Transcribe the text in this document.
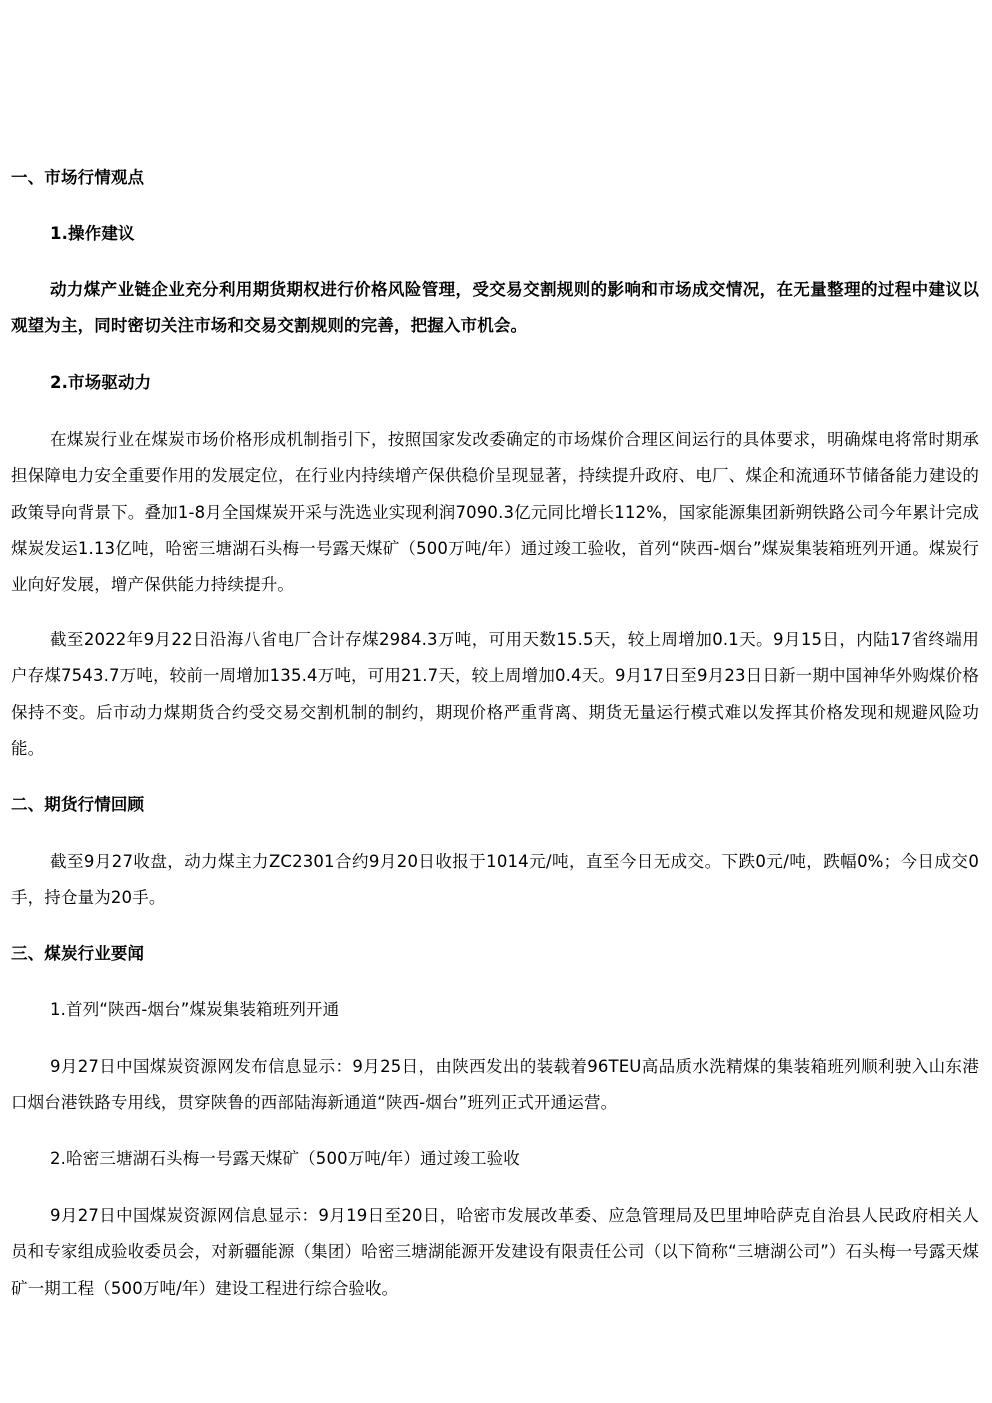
一、市场行情观点

1.操作建议

动力煤产业链企业充分利用期货期权进行价格风险管理，受交易交割规则的影响和市场成交情况，在无量整理的过程中建议以观望为主，同时密切关注市场和交易交割规则的完善，把握入市机会。

2.市场驱动力

在煤炭行业在煤炭市场价格形成机制指引下，按照国家发改委确定的市场煤价合理区间运行的具体要求，明确煤电将常时期承担保障电力安全重要作用的发展定位，在行业内持续增产保供稳价呈现显著，持续提升政府、电厂、煤企和流通环节储备能力建设的政策导向背景下。叠加1-8月全国煤炭开采与洗选业实现利润7090.3亿元同比增长112%，国家能源集团新朔铁路公司今年累计完成煤炭发运1.13亿吨，哈密三塘湖石头梅一号露天煤矿（500万吨/年）通过竣工验收，首列“陕西-烟台”煤炭集装箱班列开通。煤炭行业向好发展，增产保供能力持续提升。

截至2022年9月22日沿海八省电厂合计存煤2984.3万吨，可用天数15.5天，较上周增加0.1天。9月15日，内陆17省终端用户存煤7543.7万吨，较前一周增加135.4万吨，可用21.7天，较上周增加0.4天。9月17日至9月23日日新一期中国神华外购煤价格保持不变。后市动力煤期货合约受交易交割机制的制约，期现价格严重背离、期货无量运行模式难以发挥其价格发现和规避风险功能。

二、期货行情回顾

截至9月27收盘，动力煤主力ZC2301合约9月20日收报于1014元/吨，直至今日无成交。下跌0元/吨，跌幅0%；今日成交0手，持仓量为20手。

三、煤炭行业要闻

1.首列“陕西-烟台”煤炭集装箱班列开通

9月27日中国煤炭资源网发布信息显示：9月25日，由陕西发出的装载着96TEU高品质水洗精煤的集装箱班列顺利驶入山东港口烟台港铁路专用线，贯穿陕鲁的西部陆海新通道“陕西-烟台”班列正式开通运营。

2.哈密三塘湖石头梅一号露天煤矿（500万吨/年）通过竣工验收

9月27日中国煤炭资源网信息显示：9月19日至20日，哈密市发展改革委、应急管理局及巴里坤哈萨克自治县人民政府相关人员和专家组成验收委员会，对新疆能源（集团）哈密三塘湖能源开发建设有限责任公司（以下简称“三塘湖公司”）石头梅一号露天煤矿一期工程（500万吨/年）建设工程进行综合验收。
